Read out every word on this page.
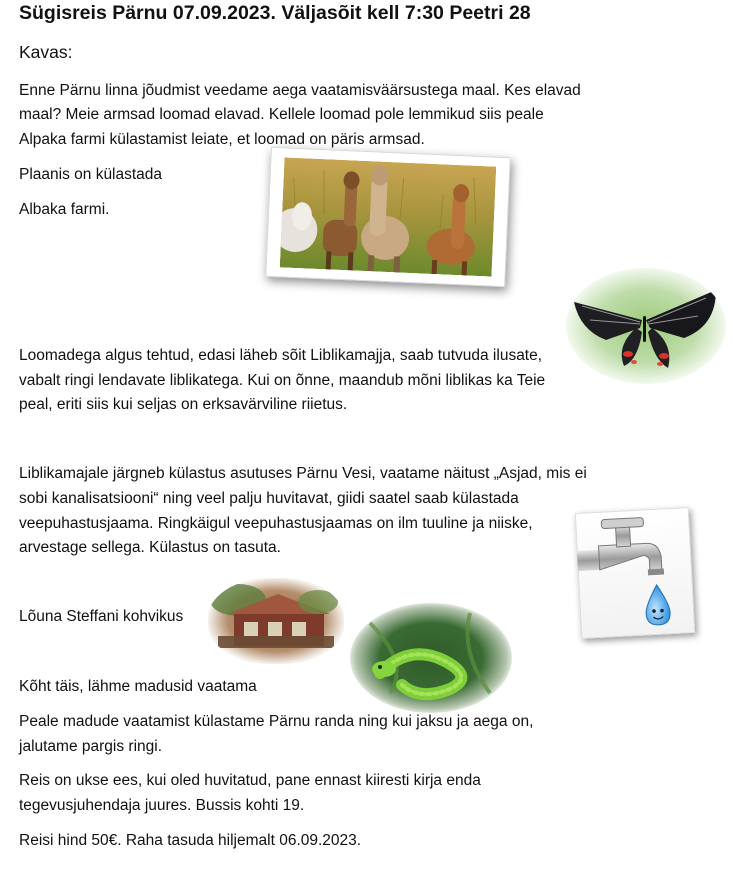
Sügisreis Pärnu 07.09.2023. Väljasõit kell 7:30 Peetri 28

Kavas:

Enne Pärnu linna jõudmist veedame aega vaatamisväärsustega maal. Kes elavad

maal? Meie armsad loomad elavad. Kellele loomad pole lemmikud siis peale

Alpaka farmi külastamist leiate, et loomad on päris armsad.

Plaanis on külastada

Albaka farmi.

Loomadega algus tehtud, edasi läheb sõit Liblikamajja, saab tutvuda ilusate,

vabalt ringi lendavate liblikatega. Kui on õnne, maandub mõni liblikas ka Teie

peal, eriti siis kui seljas on erksavärviline riietus.

Liblikamajale järgneb külastus asutuses Pärnu Vesi, vaatame näitust „Asjad, mis ei

sobi kanalisatsiooni“ ning veel palju huvitavat, giidi saatel saab külastada

veepuhastusjaama. Ringkäigul veepuhastusjaamas on ilm tuuline ja niiske,

arvestage sellega. Külastus on tasuta.

Lõuna Steffani kohvikus

Kõht täis, lähme madusid vaatama

Peale madude vaatamist külastame Pärnu randa ning kui jaksu ja aega on,

jalutame pargis ringi.

Reis on ukse ees, kui oled huvitatud, pane ennast kiiresti kirja enda

tegevusjuhendaja juures. Bussis kohti 19.

Reisi hind 50€. Raha tasuda hiljemalt 06.09.2023.
